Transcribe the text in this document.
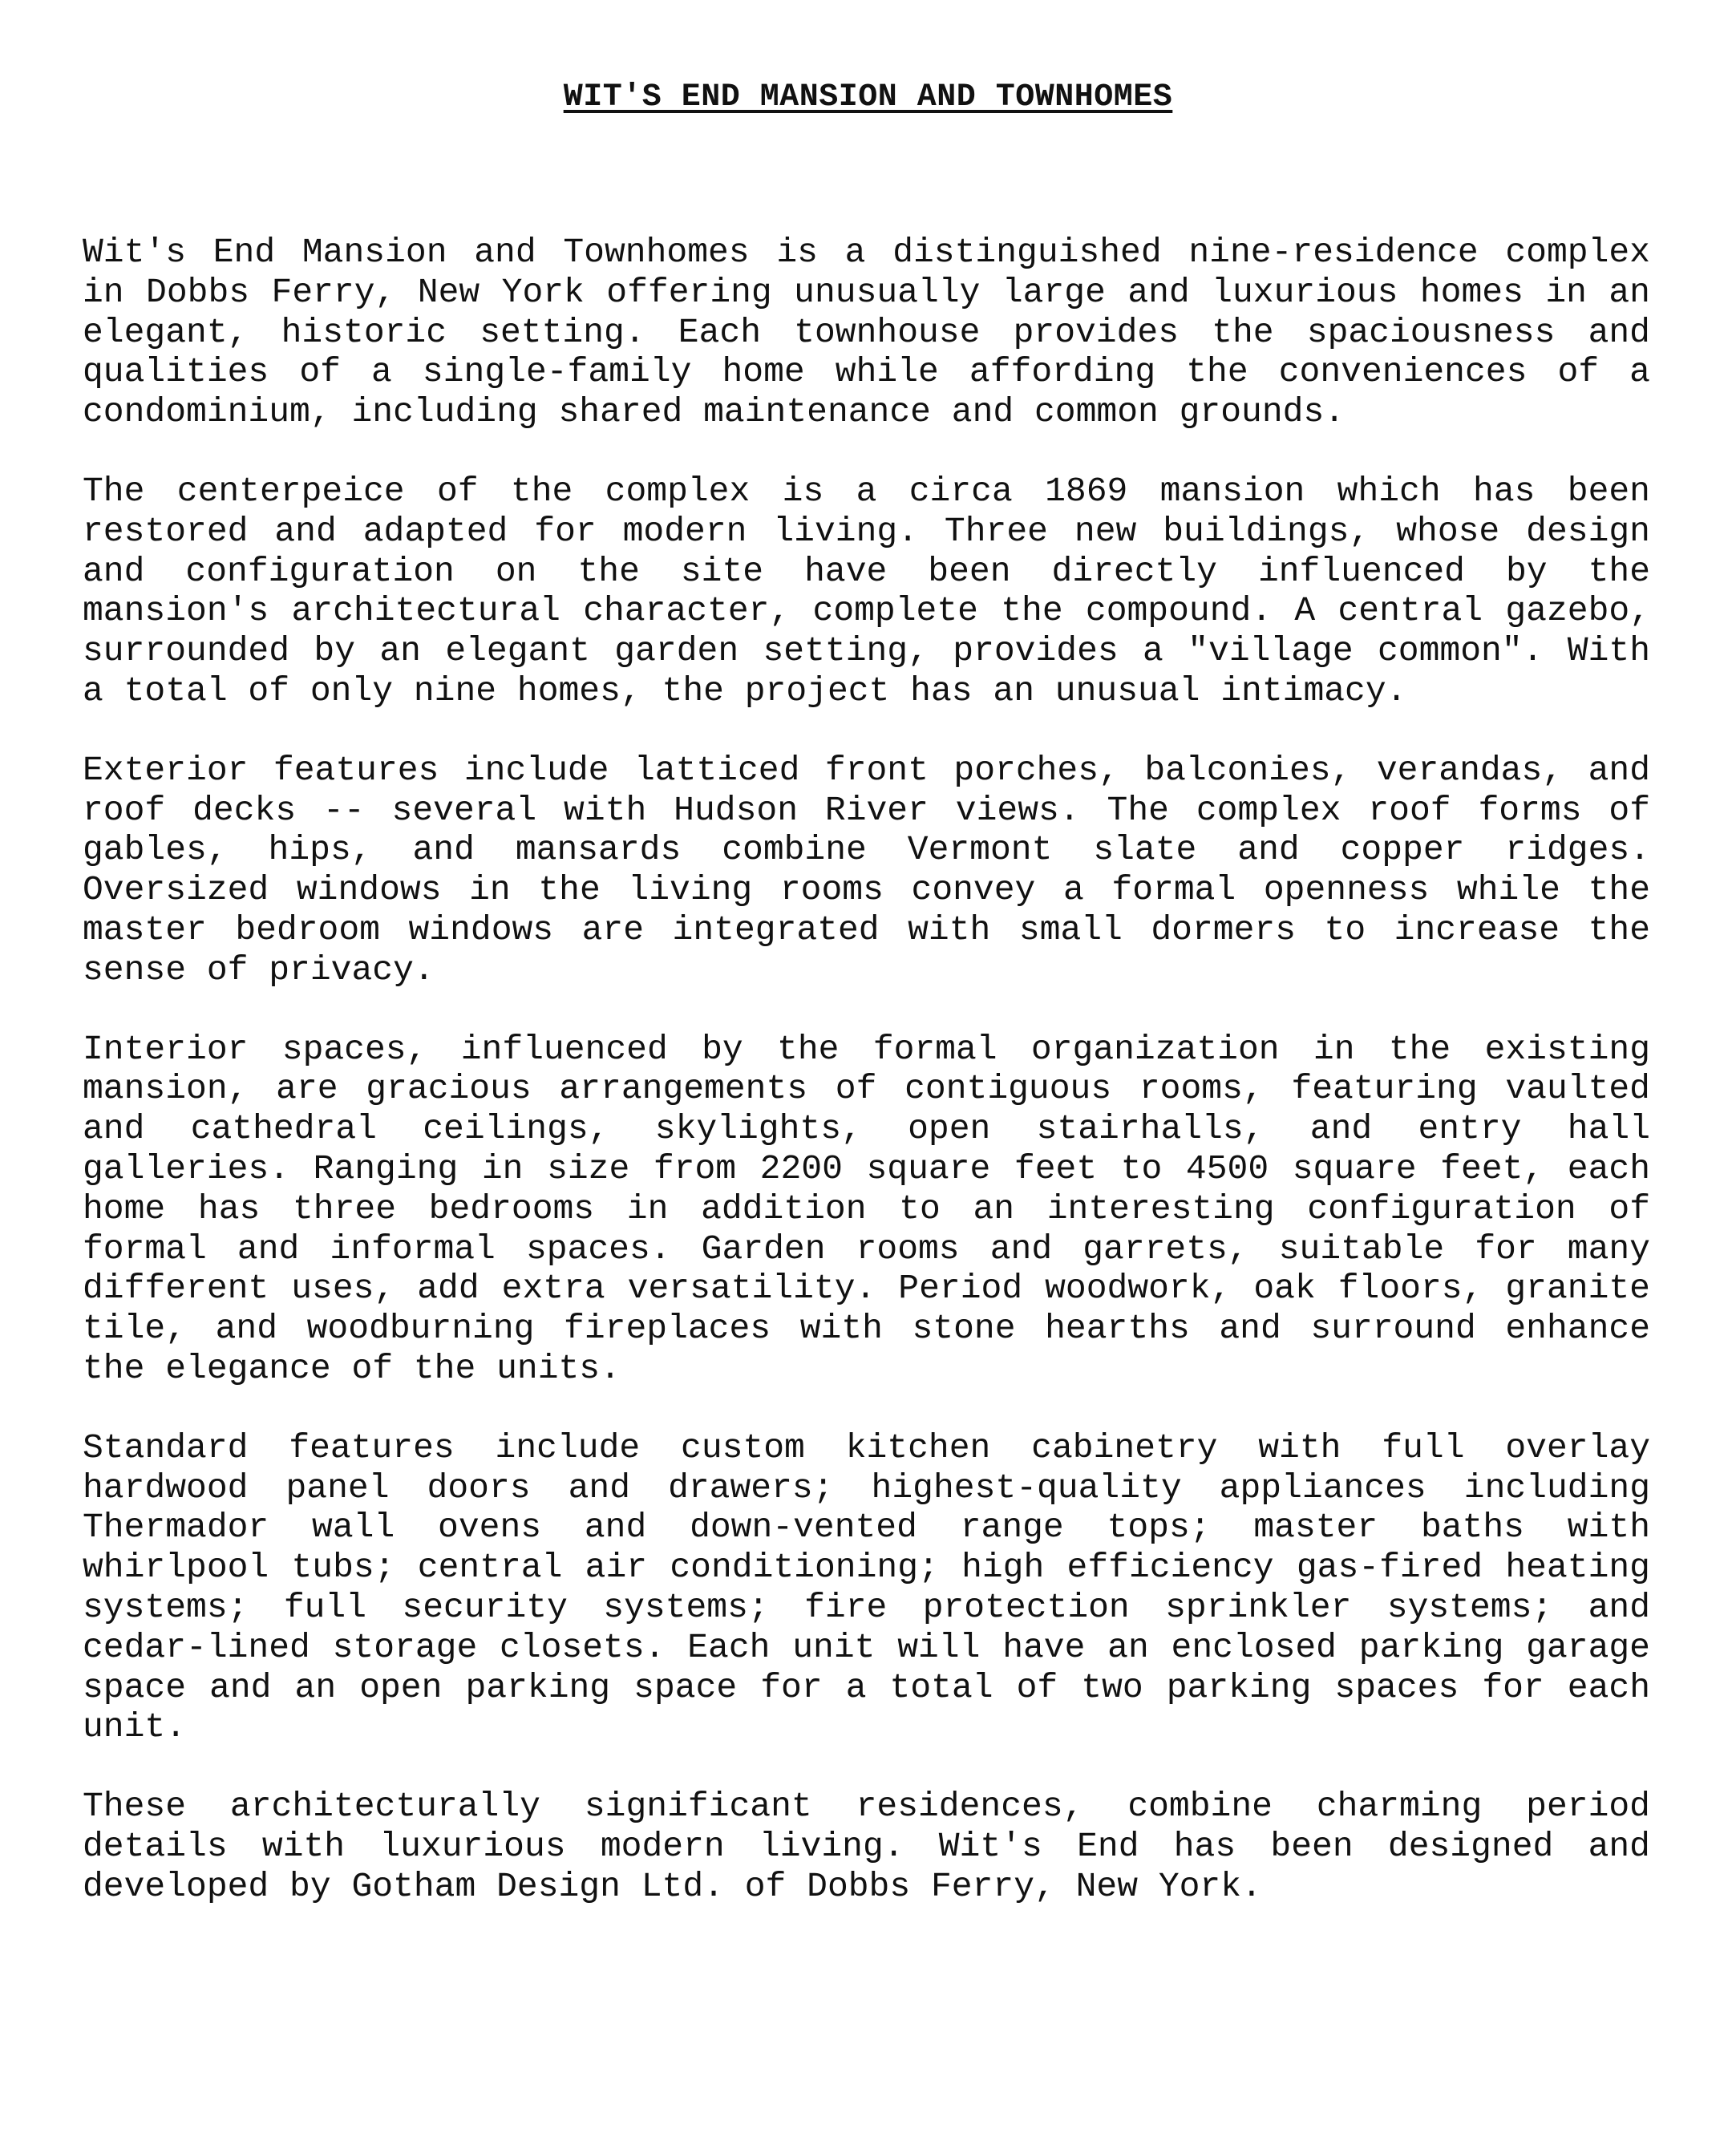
WIT'S END MANSION AND TOWNHOMES

Wit's End Mansion and Townhomes is a distinguished nine-residence complex in Dobbs Ferry, New York offering unusually large and luxurious homes in an elegant, historic setting. Each townhouse provides the spaciousness and qualities of a single-family home while affording the conveniences of a condominium, including shared maintenance and common grounds.

The centerpeice of the complex is a circa 1869 mansion which has been restored and adapted for modern living. Three new buildings, whose design and configuration on the site have been directly influenced by the mansion's architectural character, complete the compound. A central gazebo, surrounded by an elegant garden setting, provides a "village common". With a total of only nine homes, the project has an unusual intimacy.

Exterior features include latticed front porches, balconies, verandas, and roof decks -- several with Hudson River views. The complex roof forms of gables, hips, and mansards combine Vermont slate and copper ridges. Oversized windows in the living rooms convey a formal openness while the master bedroom windows are integrated with small dormers to increase the sense of privacy.

Interior spaces, influenced by the formal organization in the existing mansion, are gracious arrangements of contiguous rooms, featuring vaulted and cathedral ceilings, skylights, open stairhalls, and entry hall galleries. Ranging in size from 2200 square feet to 4500 square feet, each home has three bedrooms in addition to an interesting configuration of formal and informal spaces. Garden rooms and garrets, suitable for many different uses, add extra versatility. Period woodwork, oak floors, granite tile, and woodburning fireplaces with stone hearths and surround enhance the elegance of the units.

Standard features include custom kitchen cabinetry with full overlay hardwood panel doors and drawers; highest-quality appliances including Thermador wall ovens and down-vented range tops; master baths with whirlpool tubs; central air conditioning; high efficiency gas-fired heating systems; full security systems; fire protection sprinkler systems; and cedar-lined storage closets. Each unit will have an enclosed parking garage space and an open parking space for a total of two parking spaces for each unit.

These architecturally significant residences, combine charming period details with luxurious modern living. Wit's End has been designed and developed by Gotham Design Ltd. of Dobbs Ferry, New York.
